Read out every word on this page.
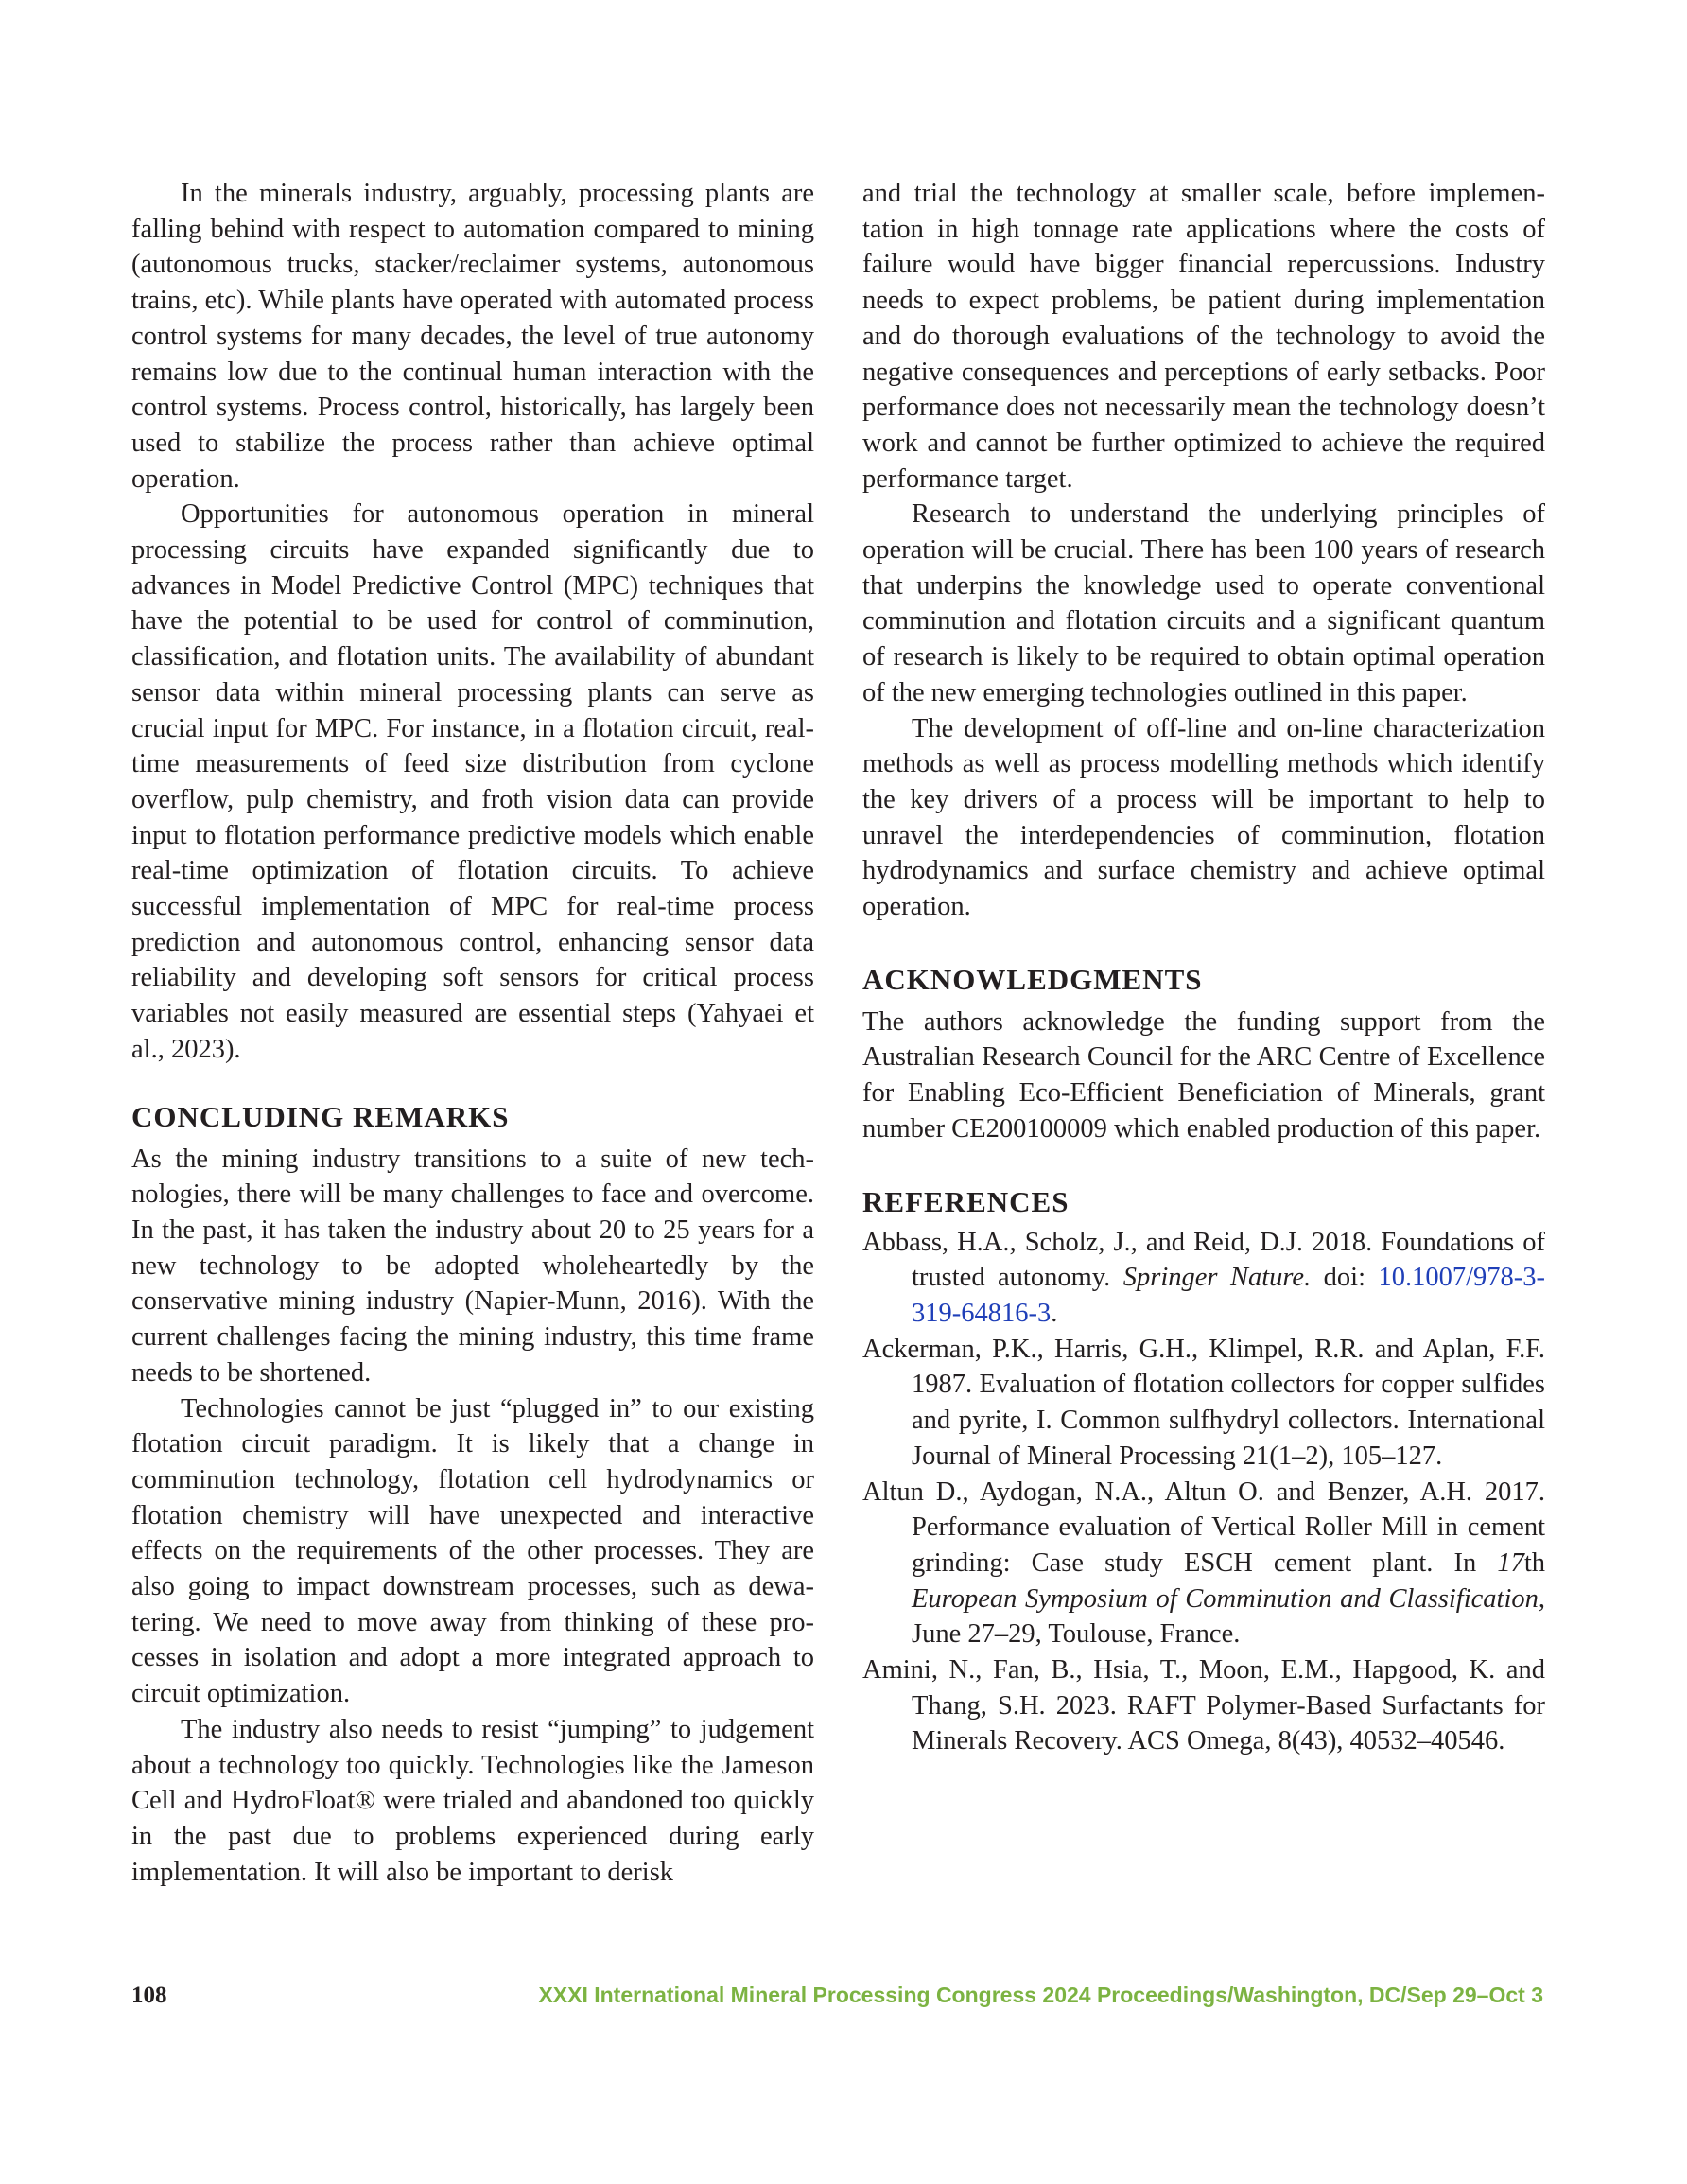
In the minerals industry, arguably, processing plants are falling behind with respect to automation compared to mining (autonomous trucks, stacker/reclaimer systems, autonomous trains, etc). While plants have operated with automated process control systems for many decades, the level of true autonomy remains low due to the continual human interaction with the control systems. Process control, historically, has largely been used to stabilize the process rather than achieve optimal operation.

Opportunities for autonomous operation in mineral processing circuits have expanded significantly due to advances in Model Predictive Control (MPC) techniques that have the potential to be used for control of comminution, classification, and flotation units. The availability of abundant sensor data within mineral processing plants can serve as crucial input for MPC. For instance, in a flotation circuit, real-time measurements of feed size distribution from cyclone overflow, pulp chemistry, and froth vision data can provide input to flotation performance predictive models which enable real-time optimization of flotation circuits. To achieve successful implementation of MPC for real-time process prediction and autonomous control, enhancing sensor data reliability and developing soft sensors for critical process variables not easily measured are essential steps (Yahyaei et al., 2023).

CONCLUDING REMARKS

As the mining industry transitions to a suite of new technologies, there will be many challenges to face and overcome. In the past, it has taken the industry about 20 to 25 years for a new technology to be adopted wholeheartedly by the conservative mining industry (Napier-Munn, 2016). With the current challenges facing the mining industry, this time frame needs to be shortened.

Technologies cannot be just “plugged in” to our existing flotation circuit paradigm. It is likely that a change in comminution technology, flotation cell hydrodynamics or flotation chemistry will have unexpected and interactive effects on the requirements of the other processes. They are also going to impact downstream processes, such as dewatering. We need to move away from thinking of these processes in isolation and adopt a more integrated approach to circuit optimization.

The industry also needs to resist “jumping” to judgement about a technology too quickly. Technologies like the Jameson Cell and HydroFloat® were trialed and abandoned too quickly in the past due to problems experienced during early implementation. It will also be important to derisk

and trial the technology at smaller scale, before implementation in high tonnage rate applications where the costs of failure would have bigger financial repercussions. Industry needs to expect problems, be patient during implementation and do thorough evaluations of the technology to avoid the negative consequences and perceptions of early setbacks. Poor performance does not necessarily mean the technology doesn’t work and cannot be further optimized to achieve the required performance target.

Research to understand the underlying principles of operation will be crucial. There has been 100 years of research that underpins the knowledge used to operate conventional comminution and flotation circuits and a significant quantum of research is likely to be required to obtain optimal operation of the new emerging technologies outlined in this paper.

The development of off-line and on-line characterization methods as well as process modelling methods which identify the key drivers of a process will be important to help to unravel the interdependencies of comminution, flotation hydrodynamics and surface chemistry and achieve optimal operation.

ACKNOWLEDGMENTS

The authors acknowledge the funding support from the Australian Research Council for the ARC Centre of Excellence for Enabling Eco-Efficient Beneficiation of Minerals, grant number CE200100009 which enabled production of this paper.

REFERENCES
Abbass, H.A., Scholz, J., and Reid, D.J. 2018. Foundations of trusted autonomy. Springer Nature. doi: 10.1007/978-3-319-64816-3.
Ackerman, P.K., Harris, G.H., Klimpel, R.R. and Aplan, F.F. 1987. Evaluation of flotation collectors for copper sulfides and pyrite, I. Common sulfhydryl collectors. International Journal of Mineral Processing 21(1–2), 105–127.
Altun D., Aydogan, N.A., Altun O. and Benzer, A.H. 2017. Performance evaluation of Vertical Roller Mill in cement grinding: Case study ESCH cement plant. In 17th European Symposium of Comminution and Classification, June 27–29, Toulouse, France.
Amini, N., Fan, B., Hsia, T., Moon, E.M., Hapgood, K. and Thang, S.H. 2023. RAFT Polymer-Based Surfactants for Minerals Recovery. ACS Omega, 8(43), 40532–40546.
108	XXXI International Mineral Processing Congress 2024 Proceedings/Washington, DC/Sep 29–Oct 3
